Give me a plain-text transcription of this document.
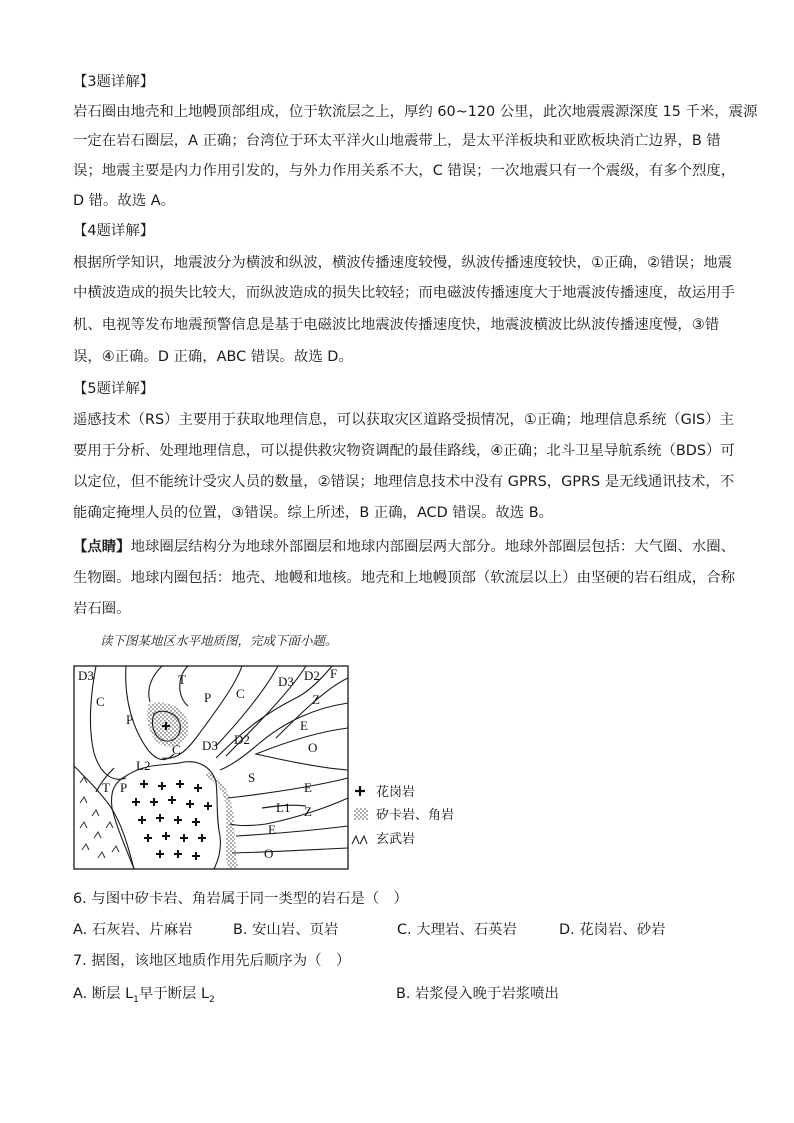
【3题详解】
岩石圈由地壳和上地幔顶部组成，位于软流层之上，厚约 60~120 公里，此次地震震源深度 15 千米，震源
一定在岩石圈层，A 正确；台湾位于环太平洋火山地震带上，是太平洋板块和亚欧板块消亡边界，B 错
误；地震主要是内力作用引发的，与外力作用关系不大，C 错误；一次地震只有一个震级，有多个烈度，
D 错。故选 A。
【4题详解】
根据所学知识，地震波分为横波和纵波，横波传播速度较慢，纵波传播速度较快，①正确，②错误；地震
中横波造成的损失比较大，而纵波造成的损失比较轻；而电磁波传播速度大于地震波传播速度，故运用手
机、电视等发布地震预警信息是基于电磁波比地震波传播速度快，地震波横波比纵波传播速度慢，③错
误，④正确。D 正确，ABC 错误。故选 D。
【5题详解】
遥感技术（RS）主要用于获取地理信息，可以获取灾区道路受损情况，①正确；地理信息系统（GIS）主
要用于分析、处理地理信息，可以提供救灾物资调配的最佳路线，④正确；北斗卫星导航系统（BDS）可
以定位，但不能统计受灾人员的数量，②错误；地理信息技术中没有 GPRS，GPRS 是无线通讯技术，不
能确定掩埋人员的位置，③错误。综上所述，B 正确，ACD 错误。故选 B。
【点睛】地球圈层结构分为地球外部圈层和地球内部圈层两大部分。地球外部圈层包括：大气圈、水圈、
生物圈。地球内圈包括：地壳、地幔和地核。地壳和上地幔顶部（软流层以上）由坚硬的岩石组成，合称
岩石圈。
读下图某地区水平地质图，完成下面小题。
D3
C
T
P
P C
D3 D2 F
Z
C D3 D2
E
O
L2
S
T P	E
L1 Z
E
O
花岗岩
矽卡岩、角岩
玄武岩
6. 与图中矽卡岩、角岩属于同一类型的岩石是（　）
A. 石灰岩、片麻岩	B. 安山岩、页岩	C. 大理岩、石英岩	D. 花岗岩、砂岩
7. 据图，该地区地质作用先后顺序为（　）
A. 断层 $L_1$早于断层 $L_2$	B. 岩浆侵入晚于岩浆喷出
